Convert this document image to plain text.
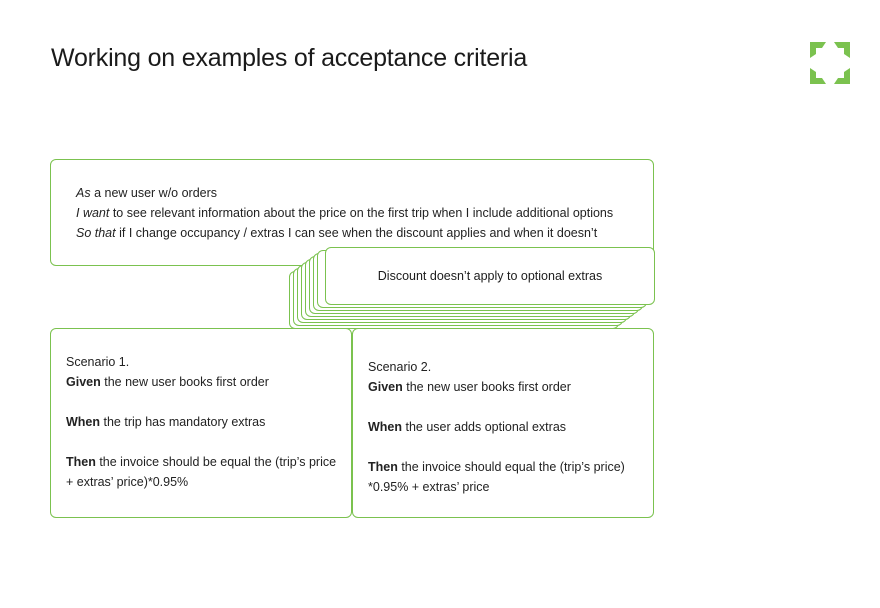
Working on examples of acceptance criteria
As a new user w/o orders
I want to see relevant information about the price on the first trip when I include additional options
So that if I change occupancy / extras I can see when the discount applies and when it doesn’t
Discount doesn’t apply to optional extras
Scenario 1.
Given the new user books first order
When the trip has mandatory extras
Then the invoice should be equal the (trip’s price + extras’ price)*0.95%
Scenario 2.
Given the new user books first order
When the user adds optional extras
Then the invoice should equal the (trip’s price) *0.95% + extras’ price
